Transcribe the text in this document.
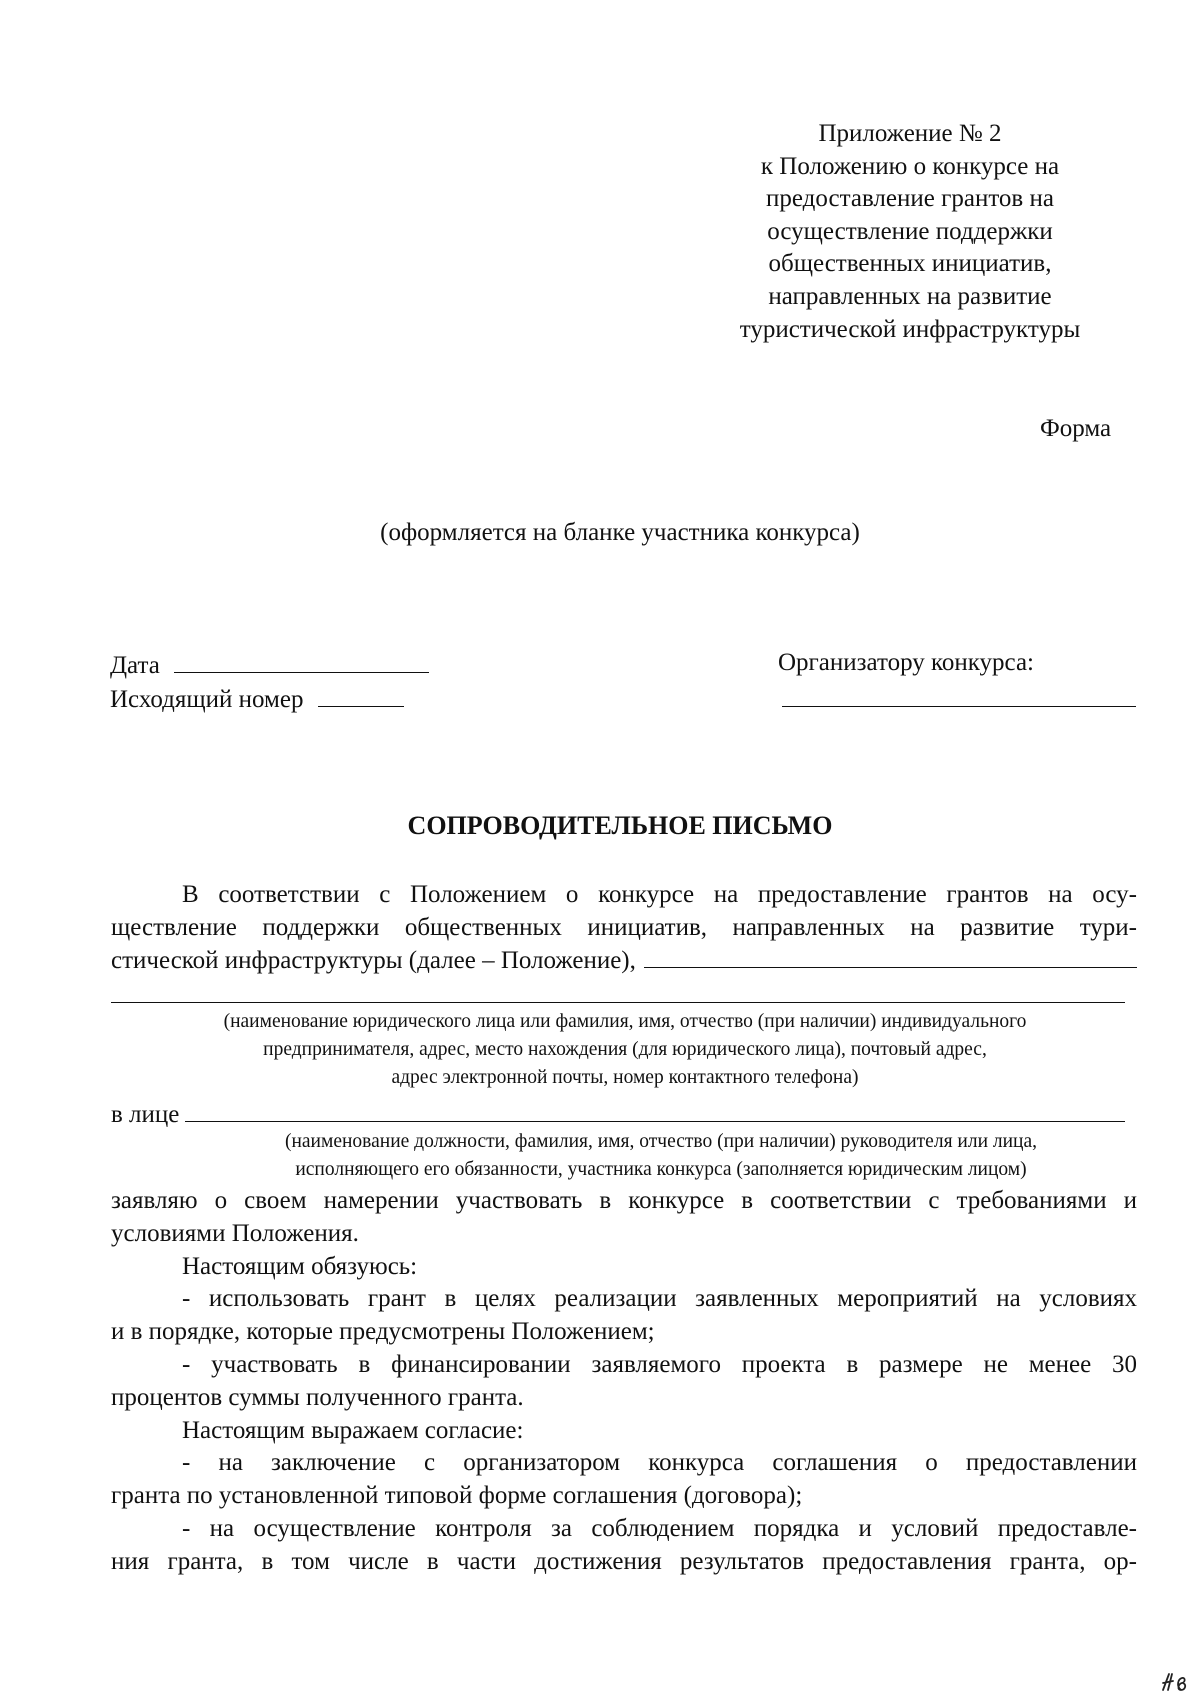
Приложение № 2
к Положению о конкурсе на
предоставление грантов на
осуществление поддержки
общественных инициатив,
направленных на развитие
туристической инфраструктуры
Форма
(оформляется на бланке участника конкурса)
Дата
Исходящий номер
Организатору конкурса:
СОПРОВОДИТЕЛЬНОЕ ПИСЬМО
В соответствии с Положением о конкурсе на предоставление грантов на осу-
ществление поддержки общественных инициатив, направленных на развитие тури-
стической инфраструктуры (далее – Положение),
(наименование юридического лица или фамилия, имя, отчество (при наличии) индивидуального
предпринимателя, адрес, место нахождения (для юридического лица), почтовый адрес,
адрес электронной почты, номер контактного телефона)
в лице
(наименование должности, фамилия, имя, отчество (при наличии) руководителя или лица,
исполняющего его обязанности, участника конкурса (заполняется юридическим лицом)
заявляю о своем намерении участвовать в конкурсе в соответствии с требованиями и
условиями Положения.
Настоящим обязуюсь:
- использовать грант в целях реализации заявленных мероприятий на условиях
и в порядке, которые предусмотрены Положением;
- участвовать в финансировании заявляемого проекта в размере не менее 30
процентов суммы полученного гранта.
Настоящим выражаем согласие:
- на заключение с организатором конкурса соглашения о предоставлении
гранта по установленной типовой форме соглашения (договора);
- на осуществление контроля за соблюдением порядка и условий предоставле-
ния гранта, в том числе в части достижения результатов предоставления гранта, ор-
